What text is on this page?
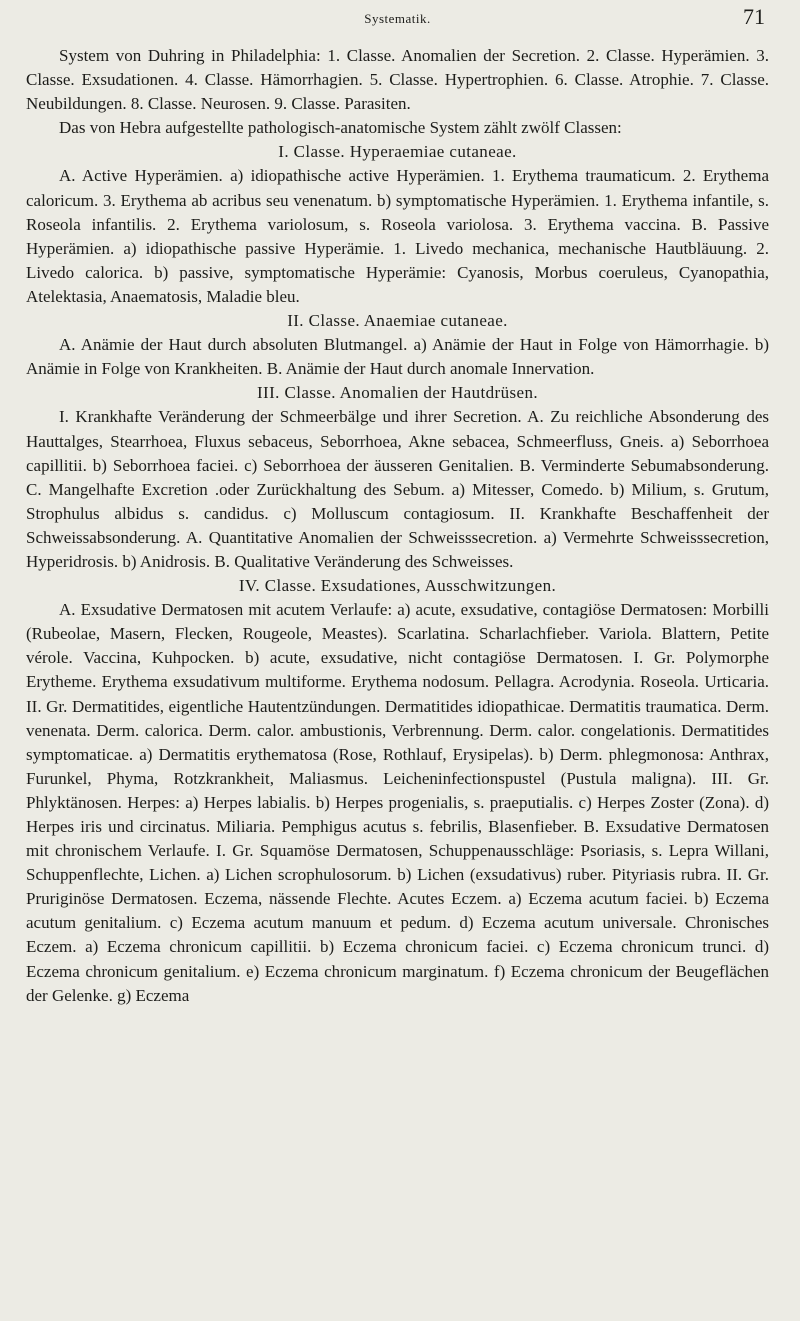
Systematik.	71

System von Duhring in Philadelphia: 1. Classe. Anomalien der Secretion. 2. Classe. Hyperämien. 3. Classe. Exsudationen. 4. Classe. Hämorrhagien. 5. Classe. Hypertrophien. 6. Classe. Atrophie. 7. Classe. Neubildungen. 8. Classe. Neurosen. 9. Classe. Parasiten.

Das von Hebra aufgestellte pathologisch-anatomische System zählt zwölf Classen:

I. Classe. Hyperaemiae cutaneae.

A. Active Hyperämien. a) idiopathische active Hyperämien. 1. Erythema traumaticum. 2. Erythema caloricum. 3. Erythema ab acribus seu venenatum. b) symptomatische Hyperämien. 1. Erythema infantile, s. Roseola infantilis. 2. Erythema variolosum, s. Roseola variolosa. 3. Erythema vaccina. B. Passive Hyperämien. a) idiopathische passive Hyperämie. 1. Livedo mechanica, mechanische Hautbläuung. 2. Livedo calorica. b) passive, symptomatische Hyperämie: Cyanosis, Morbus coeruleus, Cyanopathia, Atelektasia, Anaematosis, Maladie bleu.

II. Classe. Anaemiae cutaneae.

A. Anämie der Haut durch absoluten Blutmangel. a) Anämie der Haut in Folge von Hämorrhagie. b) Anämie in Folge von Krankheiten. B. Anämie der Haut durch anomale Innervation.

III. Classe. Anomalien der Hautdrüsen.

I. Krankhafte Veränderung der Schmeerbälge und ihrer Secretion. A. Zu reichliche Absonderung des Hauttalges, Stearrhoea, Fluxus sebaceus, Seborrhoea, Akne sebacea, Schmeerfluss, Gneis. a) Seborrhoea capillitii. b) Seborrhoea faciei. c) Seborrhoea der äusseren Genitalien. B. Verminderte Sebumabsonderung. C. Mangelhafte Excretion .oder Zurückhaltung des Sebum. a) Mitesser, Comedo. b) Milium, s. Grutum, Strophulus albidus s. candidus. c) Molluscum contagiosum. II. Krankhafte Beschaffenheit der Schweissabsonderung. A. Quantitative Anomalien der Schweisssecretion. a) Vermehrte Schweisssecretion, Hyperidrosis. b) Anidrosis. B. Qualitative Veränderung des Schweisses.

IV. Classe. Exsudationes, Ausschwitzungen.

A. Exsudative Dermatosen mit acutem Verlaufe: a) acute, exsudative, contagiöse Dermatosen: Morbilli (Rubeolae, Masern, Flecken, Rougeole, Meastes). Scarlatina. Scharlachfieber. Variola. Blattern, Petite vérole. Vaccina, Kuhpocken. b) acute, exsudative, nicht contagiöse Dermatosen. I. Gr. Polymorphe Erytheme. Erythema exsudativum multiforme. Erythema nodosum. Pellagra. Acrodynia. Roseola. Urticaria. II. Gr. Dermatitides, eigentliche Hautentzündungen. Dermatitides idiopathicae. Dermatitis traumatica. Derm. venenata. Derm. calorica. Derm. calor. ambustionis, Verbrennung. Derm. calor. congelationis. Dermatitides symptomaticae. a) Dermatitis erythematosa (Rose, Rothlauf, Erysipelas). b) Derm. phlegmonosa: Anthrax, Furunkel, Phyma, Rotzkrankheit, Maliasmus. Leicheninfectionspustel (Pustula maligna). III. Gr. Phlyktänosen. Herpes: a) Herpes labialis. b) Herpes progenialis, s. praeputialis. c) Herpes Zoster (Zona). d) Herpes iris und circinatus. Miliaria. Pemphigus acutus s. febrilis, Blasenfieber. B. Exsudative Dermatosen mit chronischem Verlaufe. I. Gr. Squamöse Dermatosen, Schuppenausschläge: Psoriasis, s. Lepra Willani, Schuppenflechte, Lichen. a) Lichen scrophulosorum. b) Lichen (exsudativus) ruber. Pityriasis rubra. II. Gr. Pruriginöse Dermatosen. Eczema, nässende Flechte. Acutes Eczem. a) Eczema acutum faciei. b) Eczema acutum genitalium. c) Eczema acutum manuum et pedum. d) Eczema acutum universale. Chronisches Eczem. a) Eczema chronicum capillitii. b) Eczema chronicum faciei. c) Eczema chronicum trunci. d) Eczema chronicum genitalium. e) Eczema chronicum marginatum. f) Eczema chronicum der Beugeflächen der Gelenke. g) Eczema
